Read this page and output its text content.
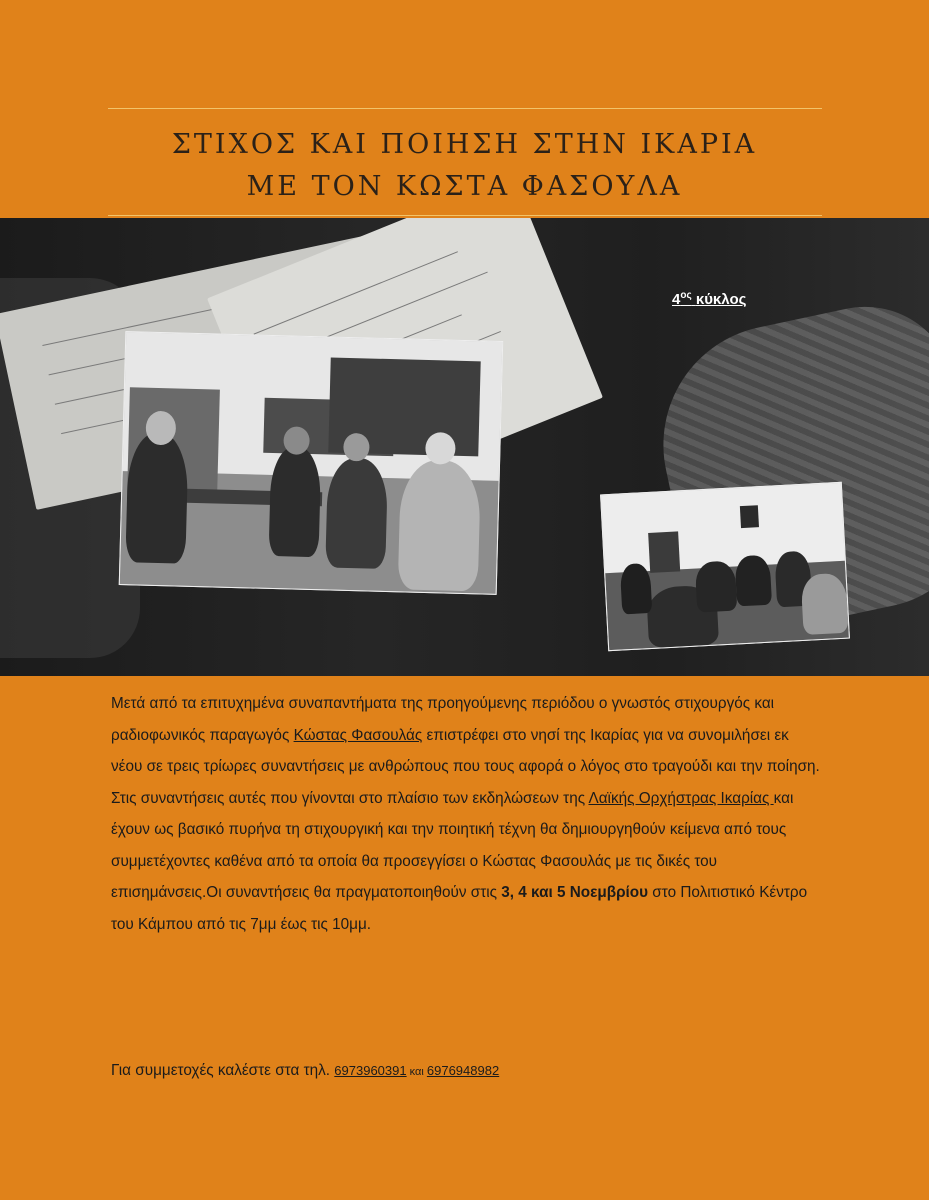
ΣΤΙΧΟΣ ΚΑΙ ΠΟΙΗΣΗ ΣΤΗΝ ΙΚΑΡΙΑ
ΜΕ ΤΟΝ ΚΩΣΤΑ ΦΑΣΟΥΛΑ
$4^{o\varsigma}$ κύκλος

Μετά από τα επιτυχημένα συναπαντήματα της προηγούμενης περιόδου ο γνωστός στιχουργός και ραδιοφωνικός παραγωγός Κώστας Φασουλάς επιστρέφει στο νησί της Ικαρίας για να συνομιλήσει εκ νέου σε τρεις τρίωρες συναντήσεις με ανθρώπους που τους αφορά ο λόγος στο τραγούδι και την ποίηση. Στις συναντήσεις αυτές που γίνονται στο πλαίσιο των εκδηλώσεων της Λαϊκής Ορχήστρας Ικαρίας και έχουν ως βασικό πυρήνα τη στιχουργική και την ποιητική τέχνη θα δημιουργηθούν κείμενα από τους συμμετέχοντες καθένα από τα οποία θα προσεγγίσει ο Κώστας Φασουλάς με τις δικές του επισημάνσεις.Οι συναντήσεις θα πραγματοποιηθούν στις 3, 4 και 5 Νοεμβρίου στο Πολιτιστικό Κέντρο του Κάμπου από τις 7μμ έως τις 10μμ.

Για συμμετοχές καλέστε στα τηλ. 6973960391 και 6976948982
